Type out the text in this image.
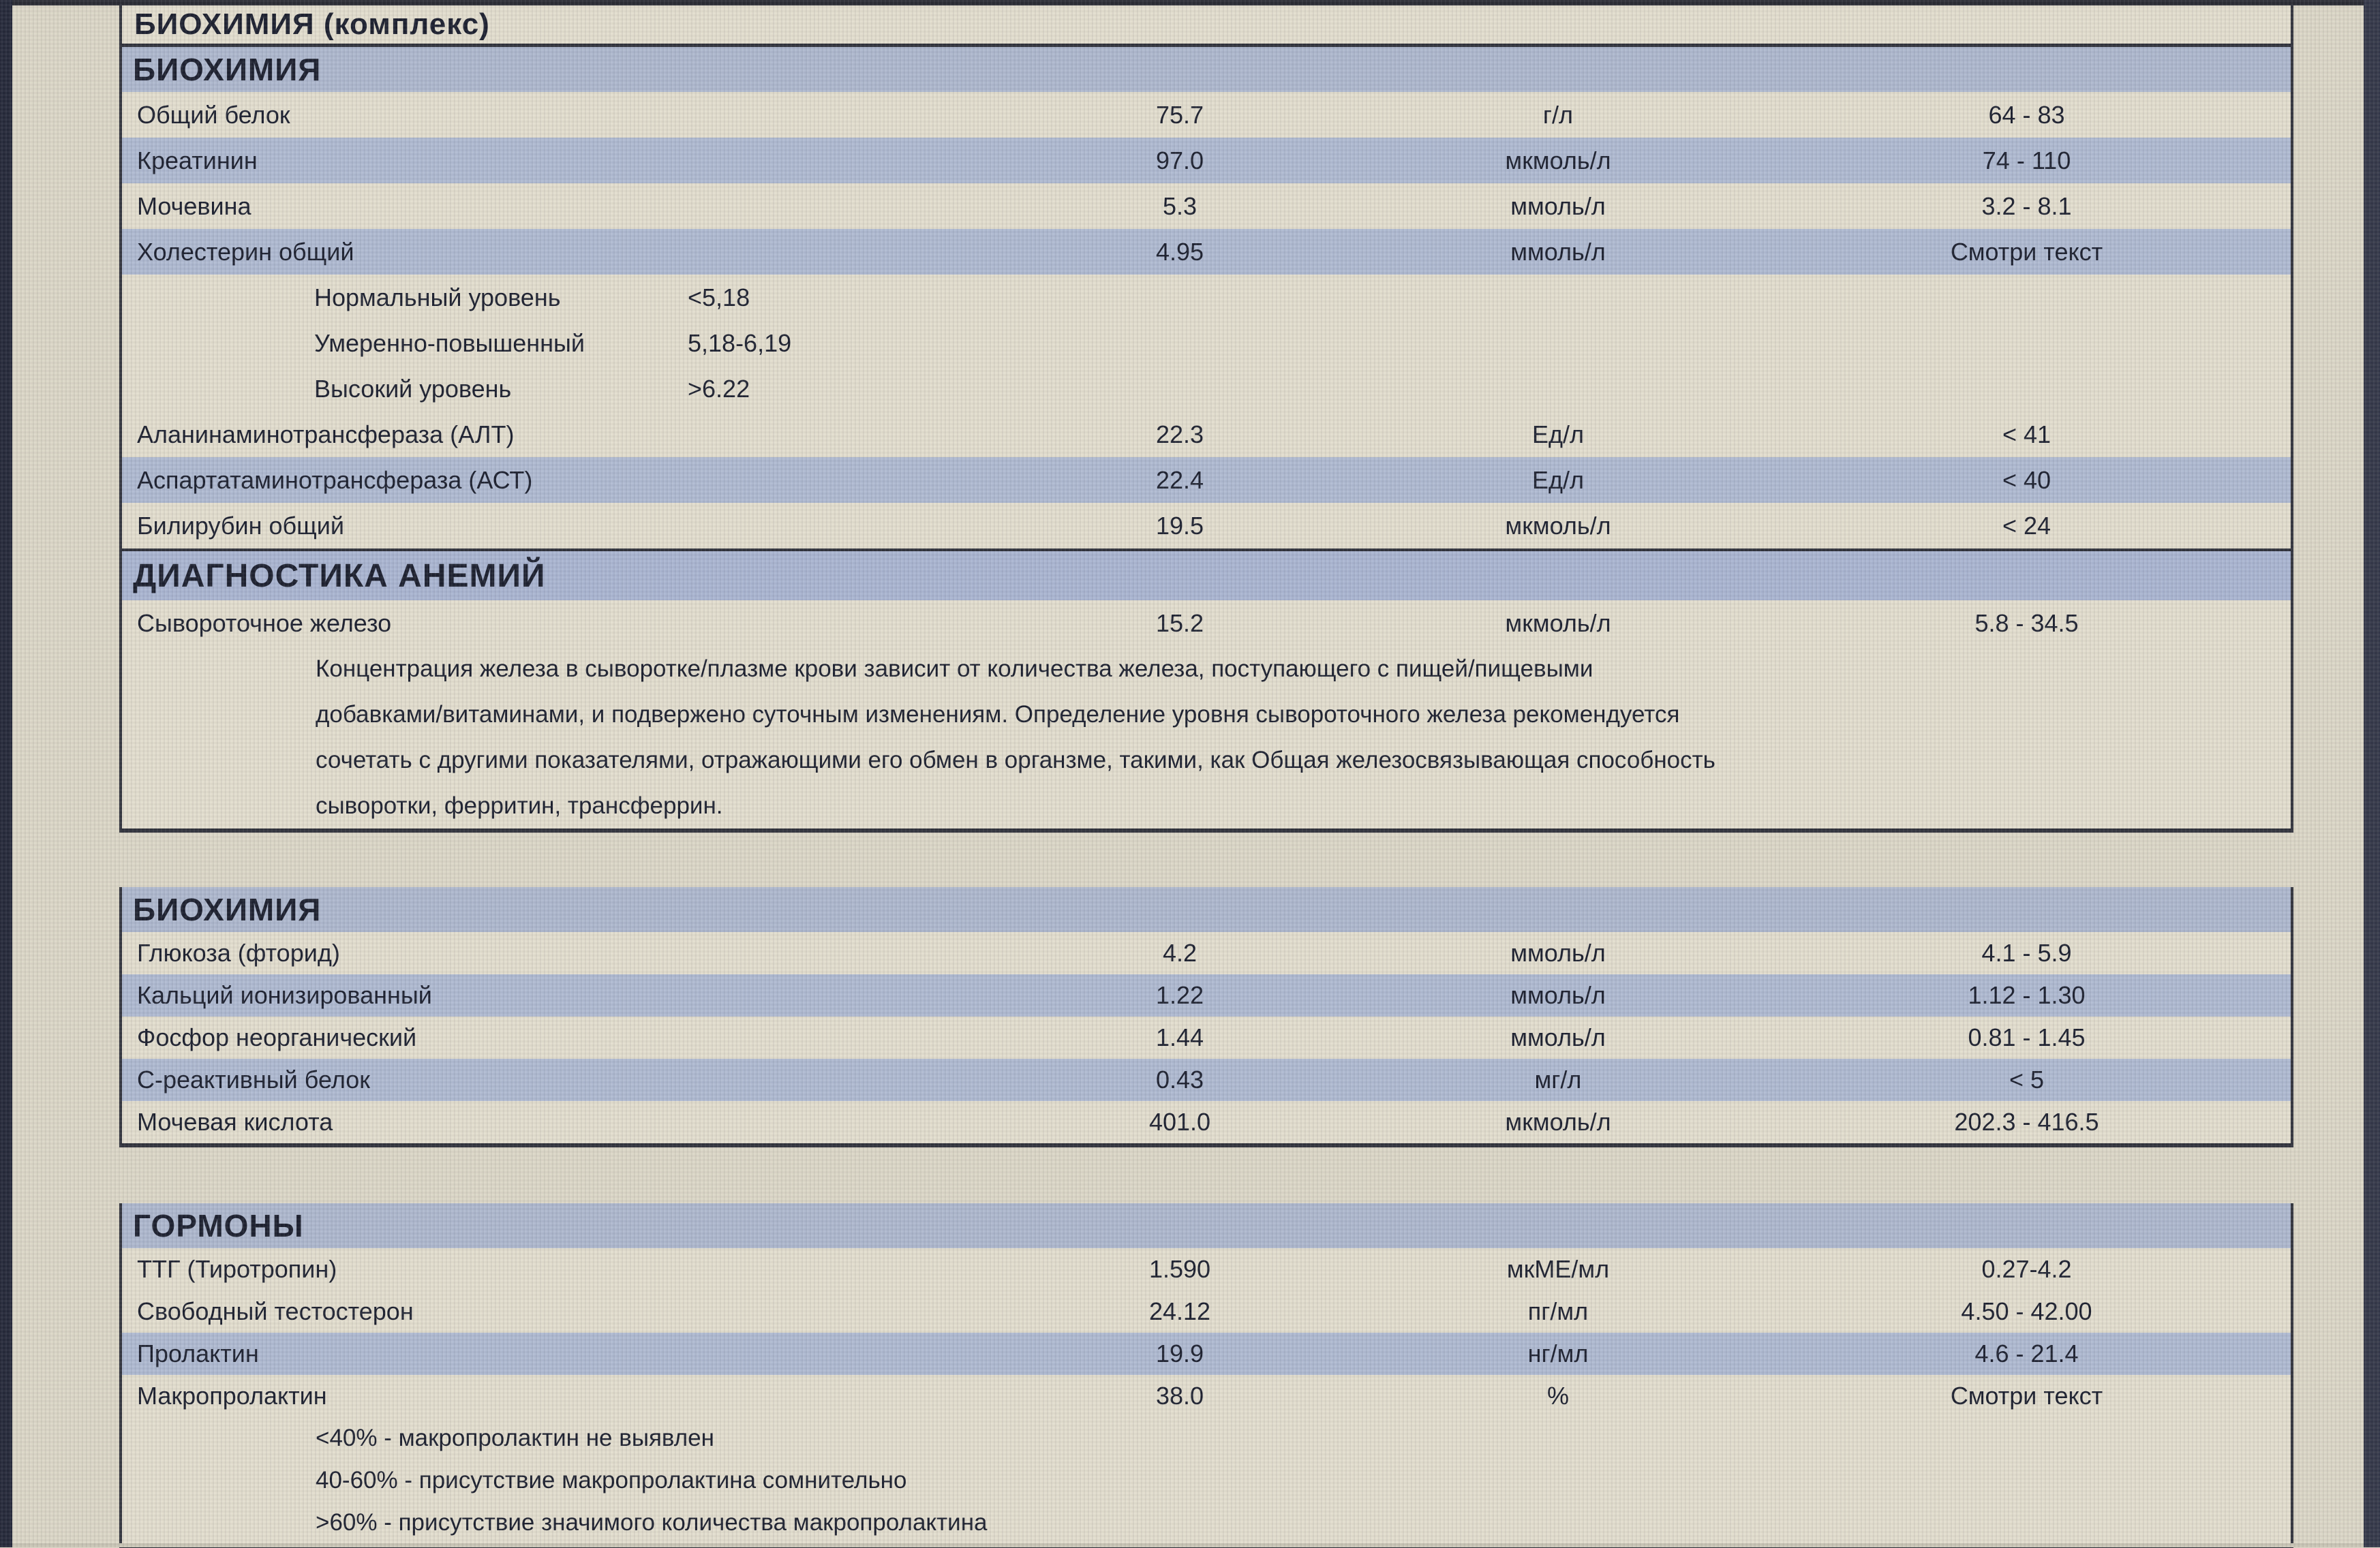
БИОХИМИЯ (комплекс)
БИОХИМИЯ
Общий белок	75.7	г/л	64 - 83
Креатинин	97.0	мкмоль/л	74 - 110
Мочевина	5.3	ммоль/л	3.2 - 8.1
Холестерин общий	4.95	ммоль/л	Смотри текст
Нормальный уровень	<5,18
Умеренно-повышенный	5,18-6,19
Высокий уровень	>6.22
Аланинаминотрансфераза (АЛТ)	22.3	Ед/л	< 41
Аспартатаминотрансфераза (АСТ)	22.4	Ед/л	< 40
Билирубин общий	19.5	мкмоль/л	< 24
ДИАГНОСТИКА АНЕМИЙ
Сывороточное железо	15.2	мкмоль/л	5.8 - 34.5
Концентрация железа в сыворотке/плазме крови зависит от количества железа, поступающего с пищей/пищевыми
добавками/витаминами, и подвержено суточным изменениям. Определение уровня сывороточного железа рекомендуется
сочетать с другими показателями, отражающими его обмен в органзме, такими, как Общая железосвязывающая способность
сыворотки, ферритин, трансферрин.
БИОХИМИЯ
Глюкоза (фторид)	4.2	ммоль/л	4.1 - 5.9
Кальций ионизированный	1.22	ммоль/л	1.12 - 1.30
Фосфор неорганический	1.44	ммоль/л	0.81 - 1.45
С-реактивный белок	0.43	мг/л	< 5
Мочевая кислота	401.0	мкмоль/л	202.3 - 416.5
ГОРМОНЫ
ТТГ (Тиротропин)	1.590	мкМЕ/мл	0.27-4.2
Свободный тестостерон	24.12	пг/мл	4.50 - 42.00
Пролактин	19.9	нг/мл	4.6 - 21.4
Макропролактин	38.0	%	Смотри текст
<40% - макропролактин не выявлен
40-60% - присутствие макропролактина сомнительно
>60% - присутствие значимого количества макропролактина
